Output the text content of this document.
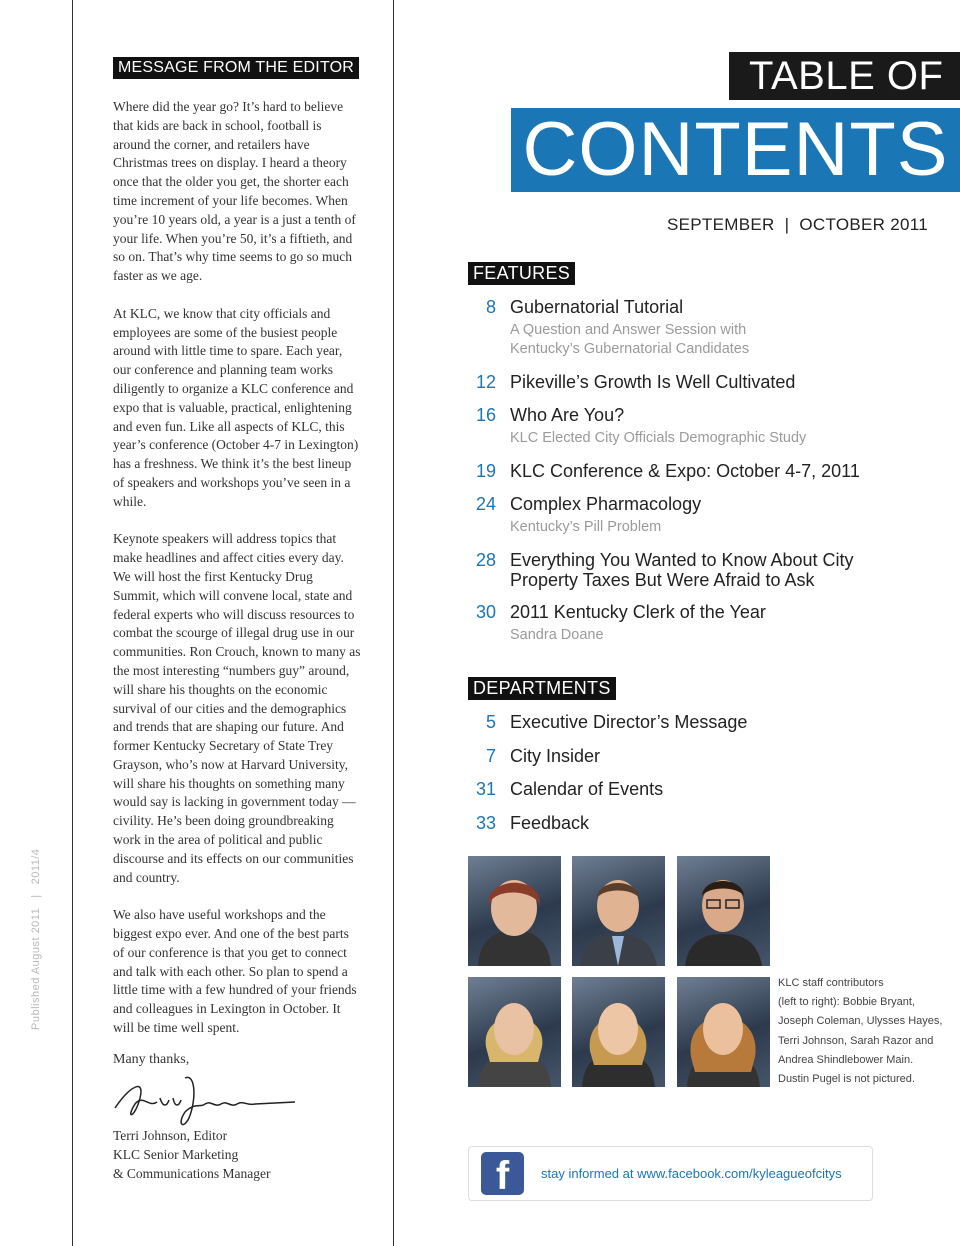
Published August 2011|2011/4
MESSAGE FROM THE EDITOR

Where did the year go? It’s hard to believe that kids are back in school, football is around the corner, and retailers have Christmas trees on display. I heard a theory once that the older you get, the shorter each time increment of your life becomes. When you’re 10 years old, a year is a just a tenth of your life. When you’re 50, it’s a fiftieth, and so on. That’s why time seems to go so much faster as we age.

At KLC, we know that city officials and employees are some of the busiest people around with little time to spare. Each year, our conference and planning team works diligently to organize a KLC conference and expo that is valuable, practical, enlightening and even fun. Like all aspects of KLC, this year’s conference (October 4-7 in Lexington) has a freshness. We think it’s the best lineup of speakers and workshops you’ve seen in a while.

Keynote speakers will address topics that make headlines and affect cities every day. We will host the first Kentucky Drug Summit, which will convene local, state and federal experts who will discuss resources to combat the scourge of illegal drug use in our communities. Ron Crouch, known to many as the most interesting “numbers guy” around, will share his thoughts on the economic survival of our cities and the demographics and trends that are shaping our future. And former Kentucky Secretary of State Trey Grayson, who’s now at Harvard University, will share his thoughts on something many would say is lacking in government today — civility. He’s been doing groundbreaking work in the area of political and public discourse and its effects on our communities and country.

We also have useful workshops and the biggest expo ever. And one of the best parts of our conference is that you get to connect and talk with each other. So plan to spend a little time with a few hundred of your friends and colleagues in Lexington in October. It will be time well spent.

Many thanks,
Terri Johnson, Editor
KLC Senior Marketing
& Communications Manager
TABLE OF
CONTENTS
SEPTEMBER  |  OCTOBER 2011
FEATURES
8 Gubernatorial Tutorial
A Question and Answer Session with
Kentucky’s Gubernatorial Candidates
12 Pikeville’s Growth Is Well Cultivated
16 Who Are You?
KLC Elected City Officials Demographic Study
19 KLC Conference & Expo: October 4-7, 2011
24 Complex Pharmacology
Kentucky’s Pill Problem
28 Everything You Wanted to Know About City
Property Taxes But Were Afraid to Ask
30 2011 Kentucky Clerk of the Year
Sandra Doane
DEPARTMENTS
5 Executive Director’s Message
7 City Insider
31 Calendar of Events
33 Feedback
KLC staff contributors
(left to right): Bobbie Bryant,
Joseph Coleman, Ulysses Hayes,
Terri Johnson, Sarah Razor and
Andrea Shindlebower Main.
Dustin Pugel is not pictured.
f	stay informed at www.facebook.com/kyleagueofcitys
